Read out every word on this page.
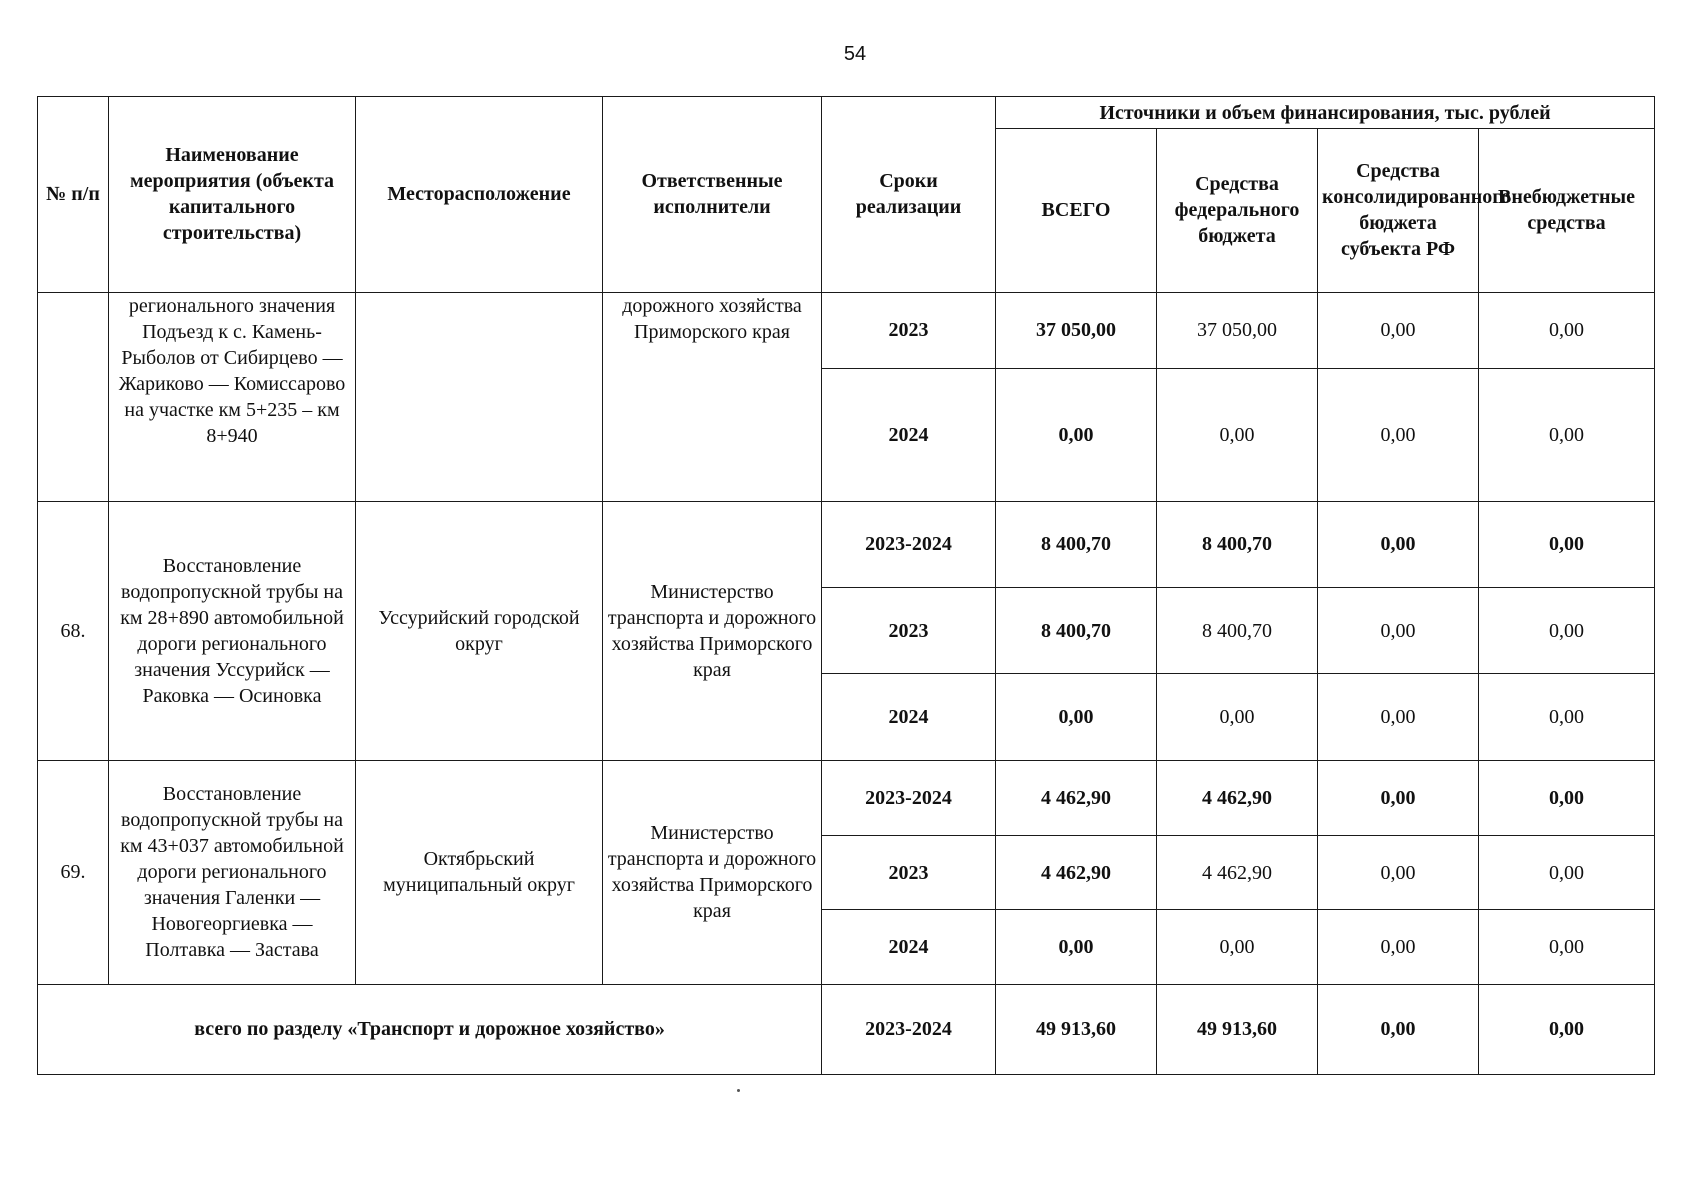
54
№ п/п	Наименование мероприятия (объекта капитального строительства)	Месторасположение	Ответственные исполнители	Сроки реализации	Источники и объем финансирования, тыс. рублей			
					ВСЕГО	Средства федерального бюджета	Средства консолидированного бюджета субъекта РФ	Внебюджетные средства
	регионального значения Подъезд к с. Камень-Рыболов от Сибирцево — Жариково — Комиссарово на участке км 5+235 – км 8+940		дорожного хозяйства Приморского края	2023	37 050,00	37 050,00	0,00	0,00
				2024	0,00	0,00	0,00	0,00
68.	Восстановление водопропускной трубы на км 28+890 автомобильной дороги регионального значения Уссурийск — Раковка — Осиновка	Уссурийский городской округ	Министерство транспорта и дорожного хозяйства Приморского края	2023-2024	8 400,70	8 400,70	0,00	0,00
				2023	8 400,70	8 400,70	0,00	0,00
				2024	0,00	0,00	0,00	0,00
69.	Восстановление водопропускной трубы на км 43+037 автомобильной дороги регионального значения Галенки — Новогеоргиевка — Полтавка — Застава	Октябрьский муниципальный округ	Министерство транспорта и дорожного хозяйства Приморского края	2023-2024	4 462,90	4 462,90	0,00	0,00
				2023	4 462,90	4 462,90	0,00	0,00
				2024	0,00	0,00	0,00	0,00
всего по разделу «Транспорт и дорожное хозяйство»				2023-2024	49 913,60	49 913,60	0,00	0,00
